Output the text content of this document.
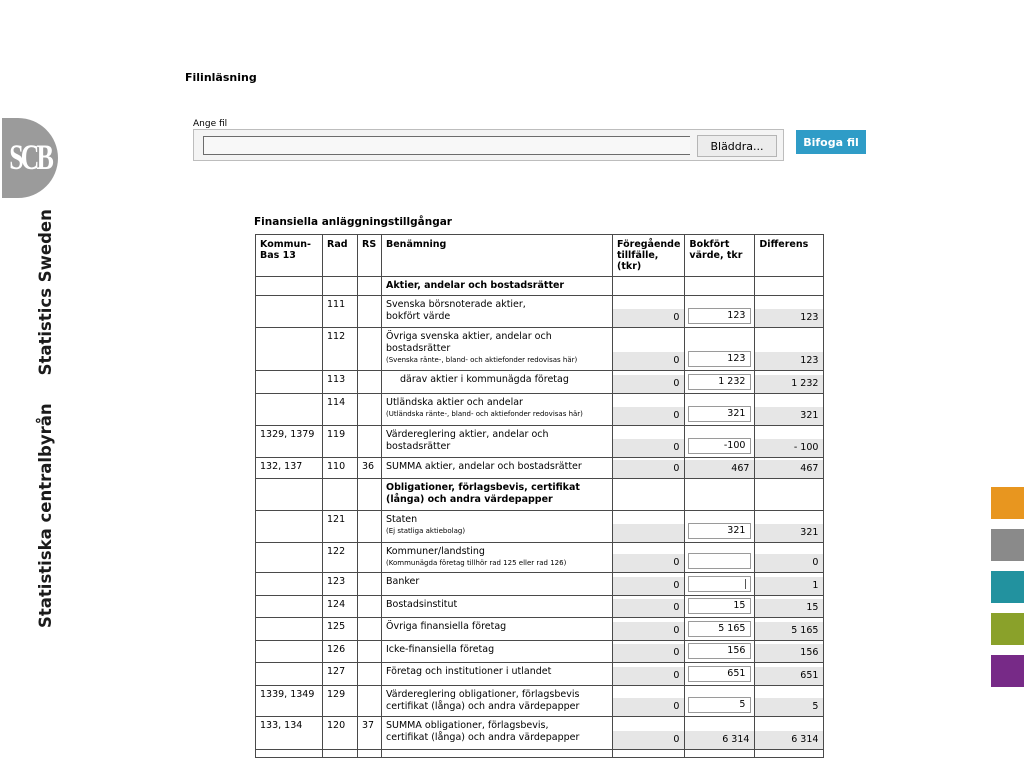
SCB
Statistiska centralbyrånStatistics Sweden
Filinläsning
Ange fil
Bläddra...	Bifoga fil
Finansiella anläggningstillgångar
Kommun-
Bas 13	Rad	RS	Benämning	Föregående
tillfälle,
(tkr)	Bokfört
värde, tkr	Differens
			Aktier, andelar och bostadsrätter			
	111		Svenska börsnoterade aktier,
bokfört värde	0	123	123

	112		Övriga svenska aktier, andelar och
bostadsrätter
(Svenska ränte-, bland- och aktiefonder redovisas här)	0	123	123

	113		därav aktier i kommunägda företag	0	1 232	1 232

	114		Utländska aktier och andelar
(Utländska ränte-, bland- och aktiefonder redovisas här)	0	321	321

1329, 1379	119		Värdereglering aktier, andelar och
bostadsrätter	0	-100	- 100

132, 137	110	36	SUMMA aktier, andelar och bostadsrätter	0	467	467

			Obligationer, förlagsbevis, certifikat
(långa) och andra värdepapper			
	121		Staten
(Ej statliga aktiebolag)		321	321

	122		Kommuner/landsting
(Kommunägda företag tillhör rad 125 eller rad 126)	0		0

	123		Banker	0		1

	124		Bostadsinstitut	0	15	15

	125		Övriga finansiella företag	0	5 165	5 165

	126		Icke-finansiella företag	0	156	156

	127		Företag och institutioner i utlandet	0	651	651

1339, 1349	129		Värdereglering obligationer, förlagsbevis
certifikat (långa) och andra värdepapper	0	5	5

133, 134	120	37	SUMMA obligationer, förlagsbevis,
certifikat (långa) och andra värdepapper	0	6 314	6 314
